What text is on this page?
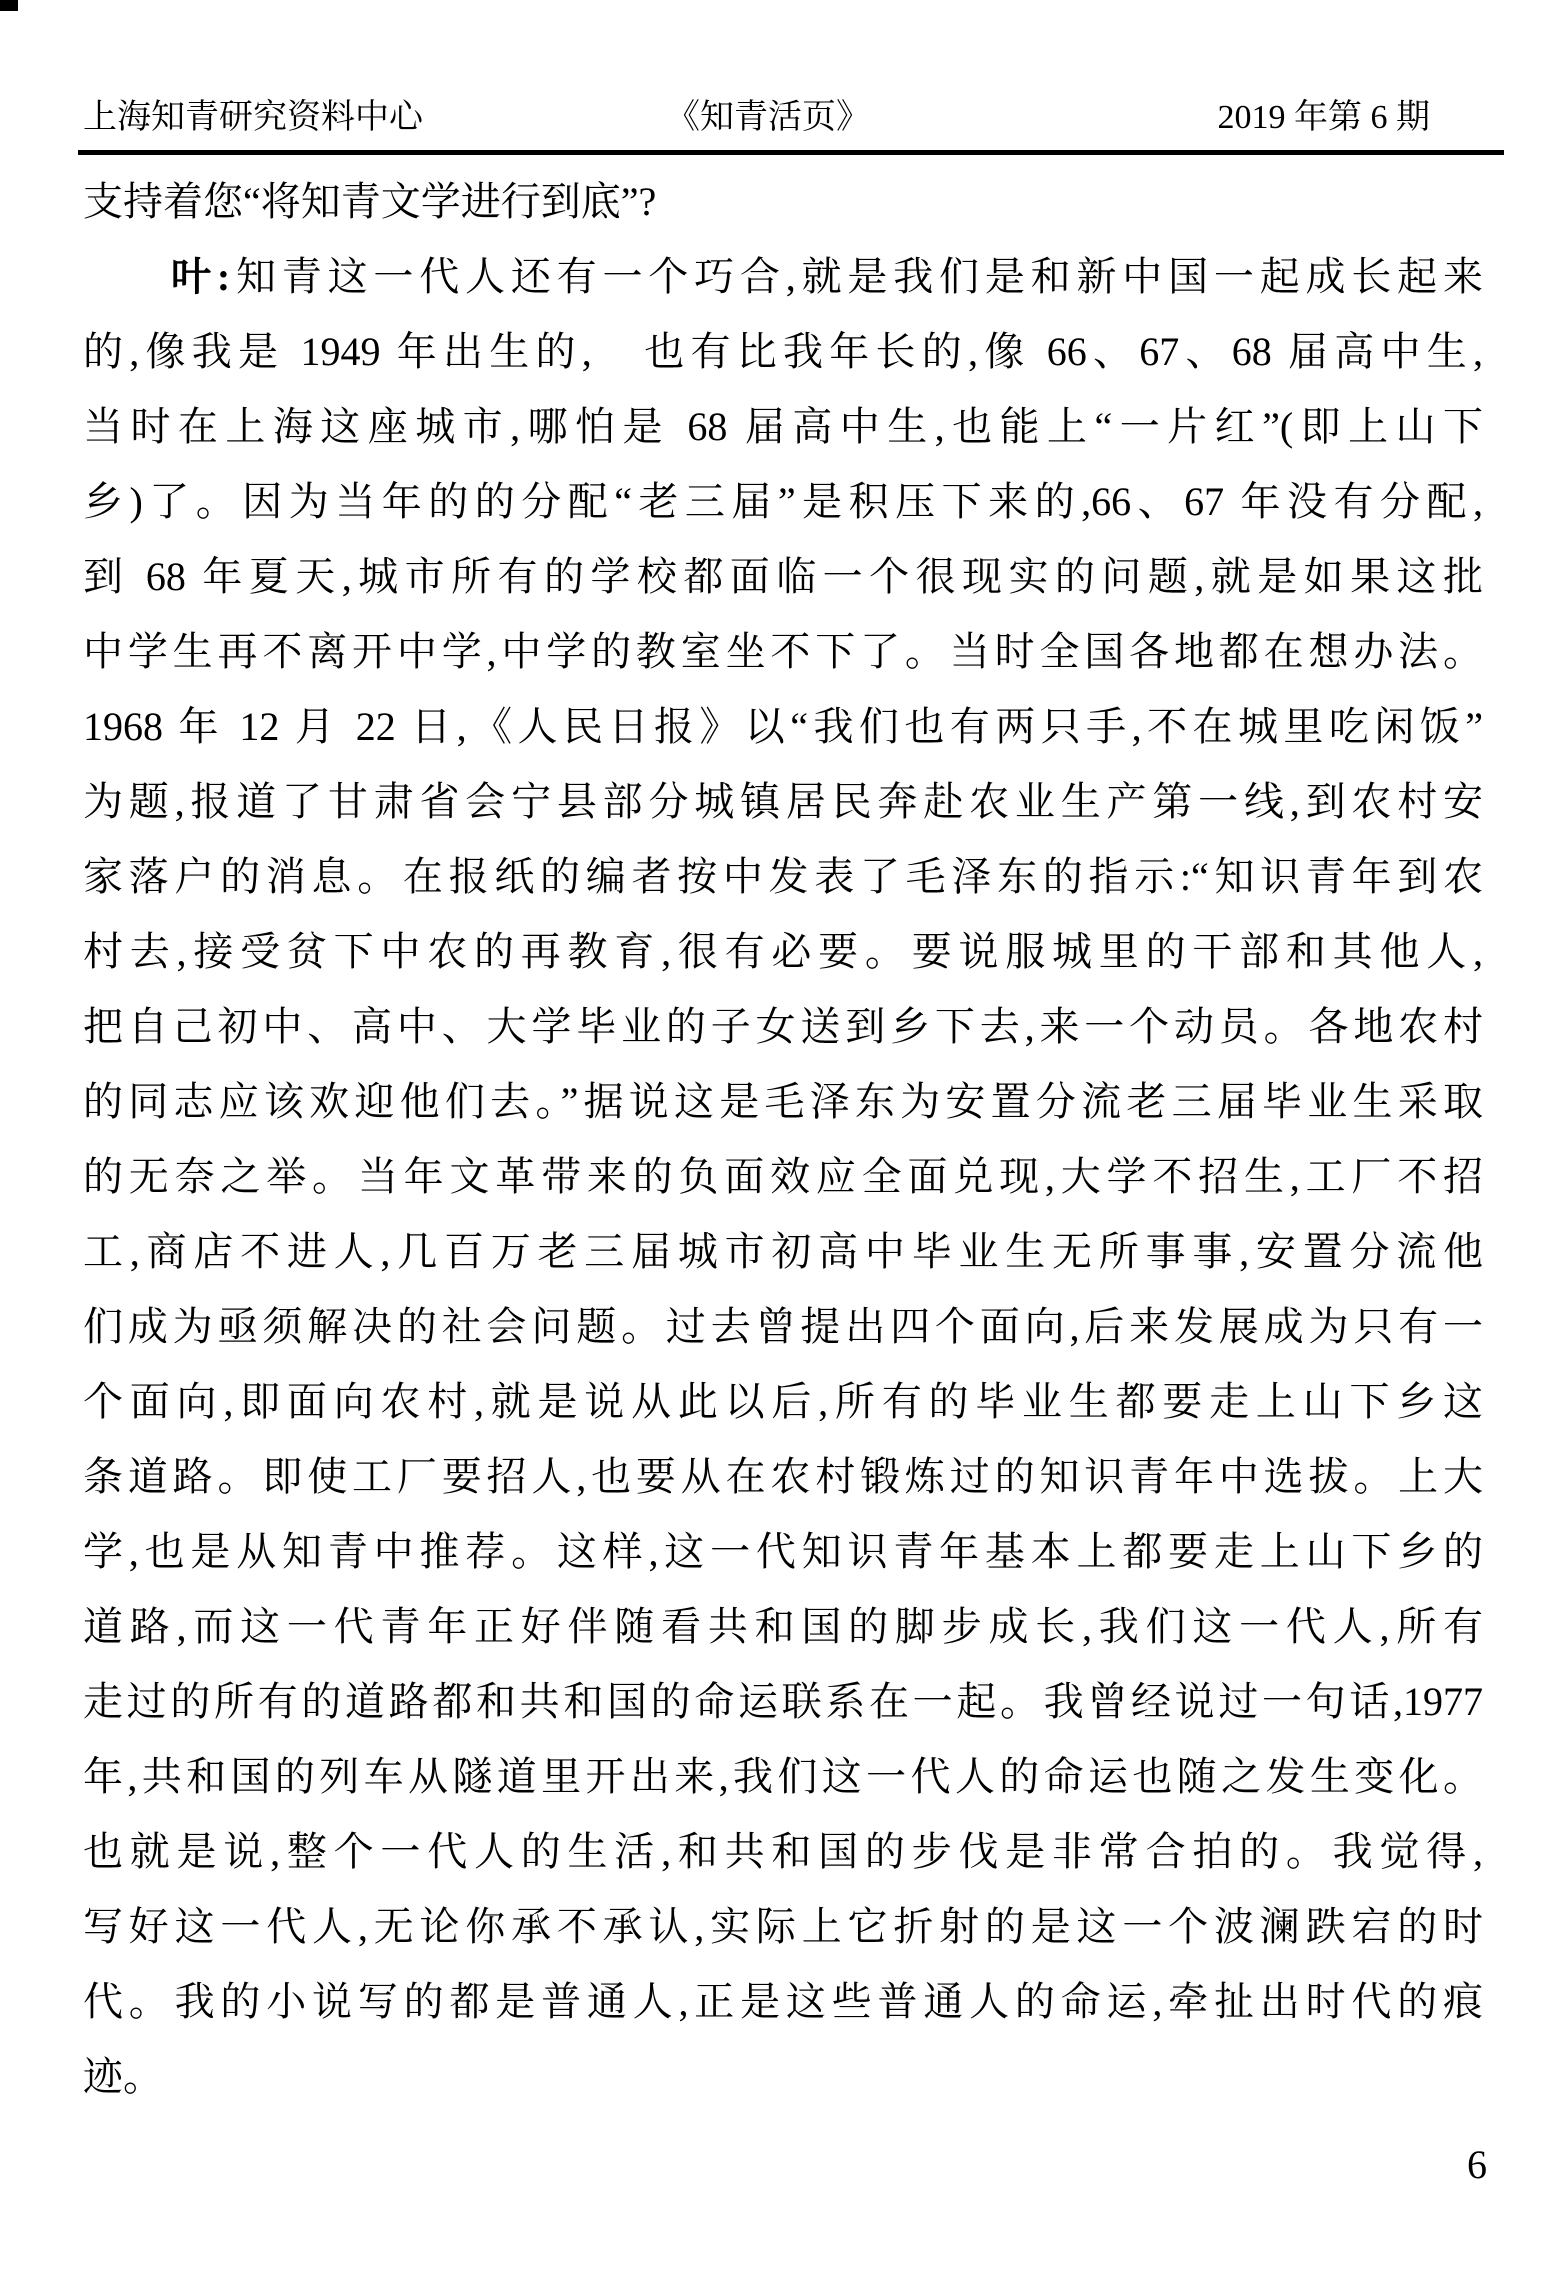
上海知青研究资料中心	《知青活页》	2019 年第 6 期
支持着您“将知青文学进行到底”?
叶:知青这一代人还有一个巧合,就是我们是和新中国一起成长起来
的,像我是 1949 年出生的,　也有比我年长的,像 66、67、68 届高中生,
当时在上海这座城市,哪怕是 68 届高中生,也能上“一片红”(即上山下
乡)了。因为当年的的分配“老三届”是积压下来的,66、67 年没有分配,
到 68 年夏天,城市所有的学校都面临一个很现实的问题,就是如果这批
中学生再不离开中学,中学的教室坐不下了。当时全国各地都在想办法。
1968 年 12 月 22 日,《人民日报》以“我们也有两只手,不在城里吃闲饭”
为题,报道了甘肃省会宁县部分城镇居民奔赴农业生产第一线,到农村安
家落户的消息。在报纸的编者按中发表了毛泽东的指示:“知识青年到农
村去,接受贫下中农的再教育,很有必要。要说服城里的干部和其他人,
把自己初中、高中、大学毕业的子女送到乡下去,来一个动员。各地农村
的同志应该欢迎他们去。”据说这是毛泽东为安置分流老三届毕业生采取
的无奈之举。当年文革带来的负面效应全面兑现,大学不招生,工厂不招
工,商店不进人,几百万老三届城市初高中毕业生无所事事,安置分流他
们成为亟须解决的社会问题。过去曾提出四个面向,后来发展成为只有一
个面向,即面向农村,就是说从此以后,所有的毕业生都要走上山下乡这
条道路。即使工厂要招人,也要从在农村锻炼过的知识青年中选拔。上大
学,也是从知青中推荐。这样,这一代知识青年基本上都要走上山下乡的
道路,而这一代青年正好伴随看共和国的脚步成长,我们这一代人,所有
走过的所有的道路都和共和国的命运联系在一起。我曾经说过一句话,1977
年,共和国的列车从隧道里开出来,我们这一代人的命运也随之发生变化。
也就是说,整个一代人的生活,和共和国的步伐是非常合拍的。我觉得,
写好这一代人,无论你承不承认,实际上它折射的是这一个波澜跌宕的时
代。我的小说写的都是普通人,正是这些普通人的命运,牵扯出时代的痕
迹。
6
